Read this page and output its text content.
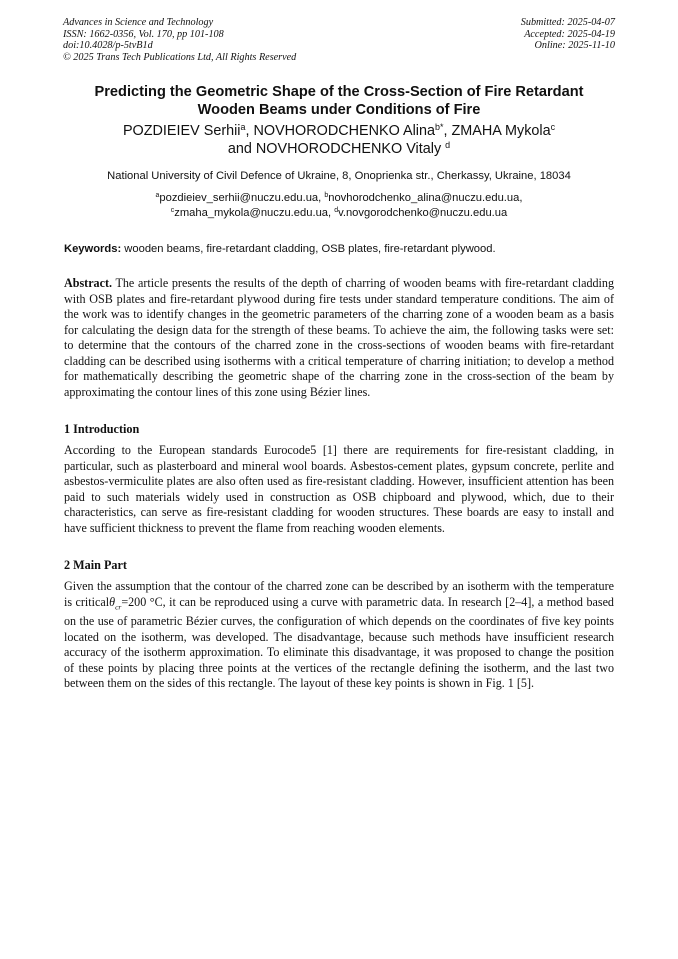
Advances in Science and Technology
ISSN: 1662-0356, Vol. 170, pp 101-108
doi:10.4028/p-5tvB1d
© 2025 Trans Tech Publications Ltd, All Rights Reserved
Submitted: 2025-04-07
Accepted: 2025-04-19
Online: 2025-11-10
Predicting the Geometric Shape of the Cross-Section of Fire Retardant
Wooden Beams under Conditions of Fire
POZDIEIEV Serhii$^a$, NOVHORODCHENKO Alina$^{b*}$, ZMAHA Mykola$^c$
and NOVHORODCHENKO Vitaly $^d$
National University of Civil Defence of Ukraine, 8, Onoprienka str., Cherkassy, Ukraine, 18034
$^a$pozdieiev_serhii@nuczu.edu.ua, $^b$novhorodchenko_alina@nuczu.edu.ua,
$^c$zmaha_mykola@nuczu.edu.ua, $^d$v.novgorodchenko@nuczu.edu.ua
Keywords: wooden beams, fire-retardant cladding, OSB plates, fire-retardant plywood.
Abstract. The article presents the results of the depth of charring of wooden beams with fire-retardant cladding with OSB plates and fire-retardant plywood during fire tests under standard temperature conditions. The aim of the work was to identify changes in the geometric parameters of the charring zone of a wooden beam as a basis for calculating the design data for the strength of these beams. To achieve the aim, the following tasks were set: to determine that the contours of the charred zone in the cross-sections of wooden beams with fire-retardant cladding can be described using isotherms with a critical temperature of charring initiation; to develop a method for mathematically describing the geometric shape of the charring zone in the cross-section of the beam by approximating the contour lines of this zone using Bézier lines.
1 Introduction
According to the European standards Eurocode5 [1] there are requirements for fire-resistant cladding, in particular, such as plasterboard and mineral wool boards. Asbestos-cement plates, gypsum concrete, perlite and asbestos-vermiculite plates are also often used as fire-resistant cladding. However, insufficient attention has been paid to such materials widely used in construction as OSB chipboard and plywood, which, due to their characteristics, can serve as fire-resistant cladding for wooden structures. These boards are easy to install and have sufficient thickness to prevent the flame from reaching wooden elements.
2 Main Part
Given the assumption that the contour of the charred zone can be described by an isotherm with the temperature is criticalθ$_{cr}$=200 °C, it can be reproduced using a curve with parametric data. In research [2–4], a method based on the use of parametric Bézier curves, the configuration of which depends on the coordinates of five key points located on the isotherm, was developed. The disadvantage, because such methods have insufficient research accuracy of the isotherm approximation. To eliminate this disadvantage, it was proposed to change the position of these points by placing three points at the vertices of the rectangle defining the isotherm, and the last two between them on the sides of this rectangle. The layout of these key points is shown in Fig. 1 [5].
